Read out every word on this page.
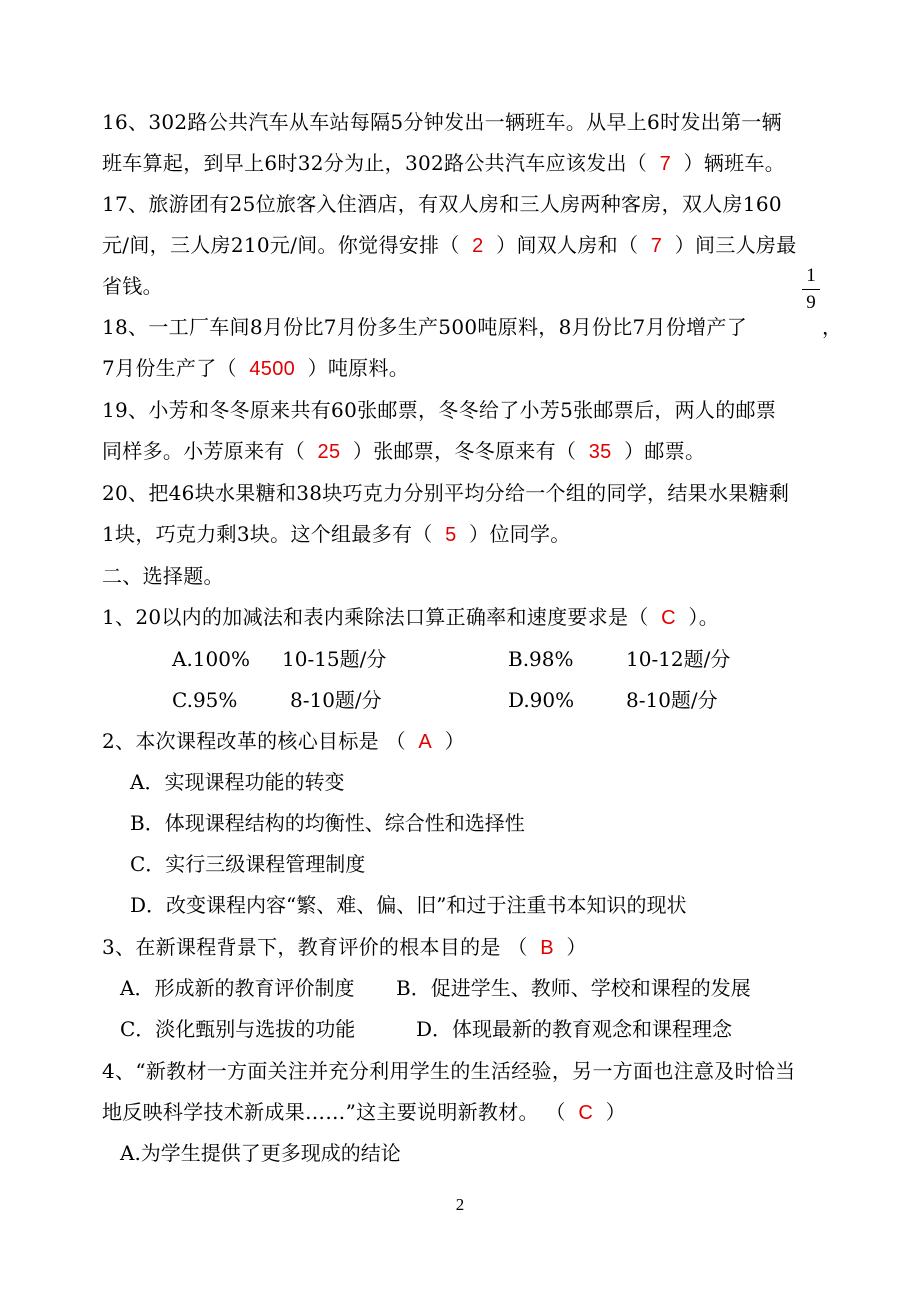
16、302路公共汽车从车站每隔5分钟发出一辆班车。从早上6时发出第一辆
班车算起，到早上6时32分为止，302路公共汽车应该发出（  7  ）辆班车。
17、旅游团有25位旅客入住酒店，有双人房和三人房两种客房，双人房160
元/间，三人房210元/间。你觉得安排（  2  ）间双人房和（  7  ）间三人房最
省钱。
18、一工厂车间8月份比7月份多生产500吨原料，8月份比7月份增产了
1
9
，
7月份生产了（  4500  ）吨原料。
19、小芳和冬冬原来共有60张邮票，冬冬给了小芳5张邮票后，两人的邮票
同样多。小芳原来有（  25  ）张邮票，冬冬原来有（  35  ）邮票。
20、把46块水果糖和38块巧克力分别平均分给一个组的同学，结果水果糖剩
1块，巧克力剩3块。这个组最多有（  5  ）位同学。
二、选择题。
1、20以内的加减法和表内乘除法口算正确率和速度要求是（  C  ）。
A.100% 10-15题/分	B.98%	10-12题/分
C.95%	8-10题/分	D.90%	8-10题/分
2、本次课程改革的核心目标是 （  A  ）
A．实现课程功能的转变
B．体现课程结构的均衡性、综合性和选择性
C．实行三级课程管理制度
D．改变课程内容“繁、难、偏、旧”和过于注重书本知识的现状
3、在新课程背景下，教育评价的根本目的是 （  B  ）
A．形成新的教育评价制度 B．促进学生、教师、学校和课程的发展
C．淡化甄别与选拔的功能	D．体现最新的教育观念和课程理念
4、“新教材一方面关注并充分利用学生的生活经验，另一方面也注意及时恰当
地反映科学技术新成果……”这主要说明新教材。 （  C  ）
A.为学生提供了更多现成的结论
2
